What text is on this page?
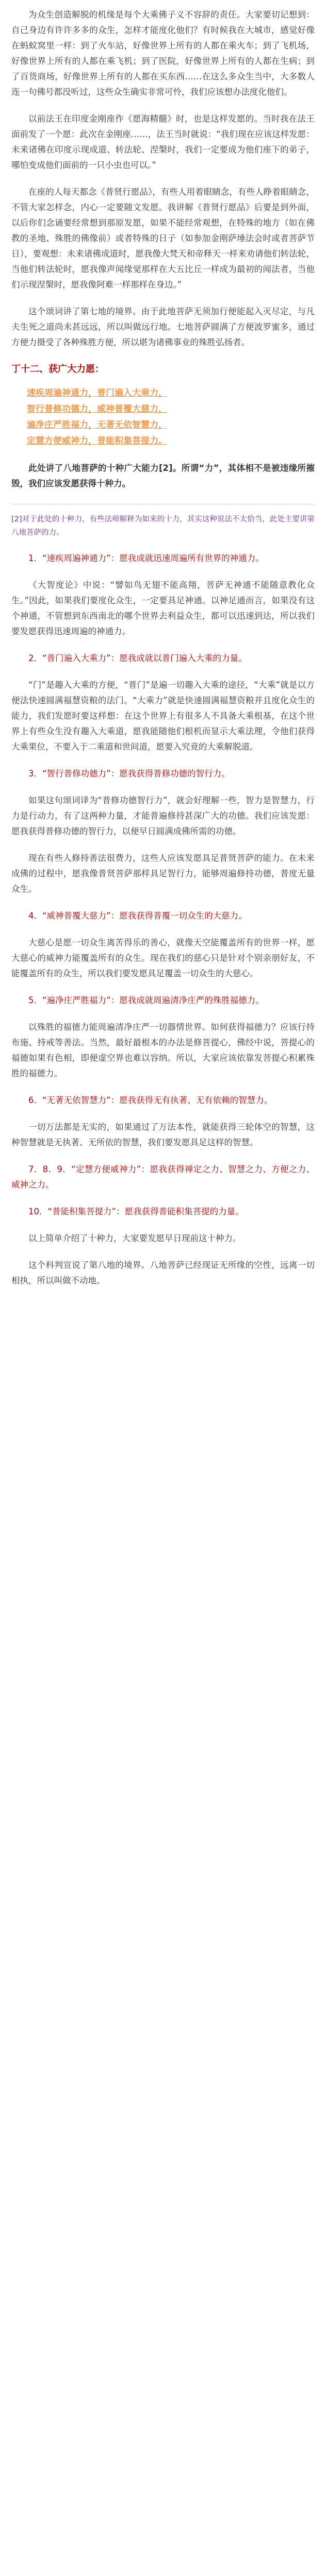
为众生创造解脱的机缘是每个大乘佛子义不容辞的责任。大家要切记想到：自己身边有许许多多的众生，怎样才能度化他们？有时候我在大城市，感觉好像在蚂蚁窝里一样：到了火车站，好像世界上所有的人都在乘火车；到了飞机场，好像世界上所有的人都在乘飞机；到了医院，好像世界上所有的人都在生病；到了百货商场，好像世界上所有的人都在买东西……在这么多众生当中，大多数人连一句佛号都没听过，这些众生确实非常可怜，我们应该想办法度化他们。

以前法王在印度金刚座作《愿海精髓》时，也是这样发愿的。当时我在法王面前发了一个愿：此次在金刚座……，法王当时就说：“我们现在应该这样发愿：未来诸佛在印度示现成道、转法轮、涅槃时，我们一定要成为他们座下的弟子，哪怕变成他们面前的一只小虫也可以。”

在座的人每天都念《普贤行愿品》，有些人用着眼睛念，有些人睁着眼睛念，不管大家怎样念，内心一定要随文发愿。我讲解《普贤行愿品》后要是到外面，以后你们念诵要经常想到那原发愿，如果不能经常观想，在特殊的地方（如在佛教的圣地、殊胜的佛像前）或者特殊的日子（如参加金刚萨埵法会时或者菩萨节日），要观想：未来诸佛成道时，愿我像大梵天和帝释天一样来劝请他们转法轮，当他们转法轮时，愿我像声闻缘觉那样在大五比丘一样成为最初的闻法者，当他们示现涅槃时，愿我像阿难一样那样在身边。”

这个颂词讲了第七地的境界。由于此地菩萨无须加行便能起入灭尽定，与凡夫生死之道尚未甚远远，所以叫做远行地。七地菩萨圆满了方便波罗蜜多，通过方便力摄受了各种殊胜方便，所以堪为诸佛事业的殊胜弘扬者。

丁十二、获广大力愿：

速疾周遍神通力，普门遍入大乘力，

智行普修功德力，威神普覆大慈力，

遍净庄严胜福力，无著无依智慧力，

定慧方便威神力，普能积集菩提力。

此处讲了八地菩萨的十种广大能力[2]。所谓“力”，其体相不是被违缘所摧毁，我们应该发愿获得十种力。

[2]对于此处的十种力，有些法师解释为如来的十力，其实这种说法不太恰当，此处主要讲第八地菩萨的力。

1．“速疾周遍神通力”：愿我成就迅速周遍所有世界的神通力。

《大智度论》中说：“譬如鸟无翅不能高翔，菩萨无神通不能随意教化众生。”因此，如果我们要度化众生，一定要具足神通。以神足通而言，如果没有这个神通，不管想到东西南北的哪个世界去利益众生，都可以迅速到达，所以我们要发愿获得迅速周遍的神通力。

2．“普门遍入大乘力”：愿我成就以普门遍入大乘的力量。

“门”是趣入大乘的方便，“普门”是遍一切趣入大乘的途径，“大乘”就是以方便法快速圆满福慧资粮的法门。“大乘力”就是快速圆满福慧资粮并且度化众生的能力，我们发愿时要这样想：在这个世界上有很多人不具备大乘根基，在这个世界上有些众生没有趣入大乘道，愿我能随他们根机而显示大乘法理，令他们获得大乘果位，不要入于二乘道和世间道，愿要入究竟的大乘解脱道。

3．“智行普修功德力”：愿我获得普修功德的智行力。

如果这句颂词译为“普修功德智行力”，就会好理解一些，智力是智慧力，行力是行动力，有了这两种力量，才能普遍修持甚深广大的功德。我们应该发愿：愿我获得普修功德的智行力，以便早日圆满成佛所需的功德。

现在有些人修持善法很费力，这些人应该发愿具足普贤菩萨的能力。在未来成佛的过程中，愿我像普贤菩萨那样具足智行力，能够周遍修持功德，普度无量众生。

4．“威神普覆大慈力”：愿我获得普覆一切众生的大慈力。

大慈心是愿一切众生离苦得乐的善心，就像天空能覆盖所有的世界一样，愿大慈心的威神力能覆盖所有的众生。现在我们的慈心只是针对个别亲朋好友，不能覆盖所有的众生，所以我们要发愿具足覆盖一切众生的大慈心。

5．“遍净庄严胜福力”：愿我成就周遍清净庄严的殊胜福德力。

以殊胜的福德力能周遍清净庄严一切器情世界。如何获得福德力？应该行持布施、持戒等善法。当然，最好最根本的办法是修菩提心，佛经中说，菩提心的福德如果有色相，即便虚空界也难以容纳。所以，大家应该依靠发菩提心积累殊胜的福德力。

6．“无著无依智慧力”：愿我获得无有执著、无有依赖的智慧力。

一切万法都是无实的，如果通过了万法本性，就能获得三轮体空的智慧，这种智慧就是无执著、无所依的智慧，我们要发愿具足这样的智慧。

7．8．9．“定慧方便威神力”：愿我获得禅定之力、智慧之力、方便之力、威神之力。

10．“普能积集菩提力”：愿我获得普能积集菩提的力量。

以上简单介绍了十种力，大家要发愿早日现前这十种力。

这个科判宣说了第八地的境界。八地菩萨已经现证无所缘的空性，远离一切相执，所以叫做不动地。
